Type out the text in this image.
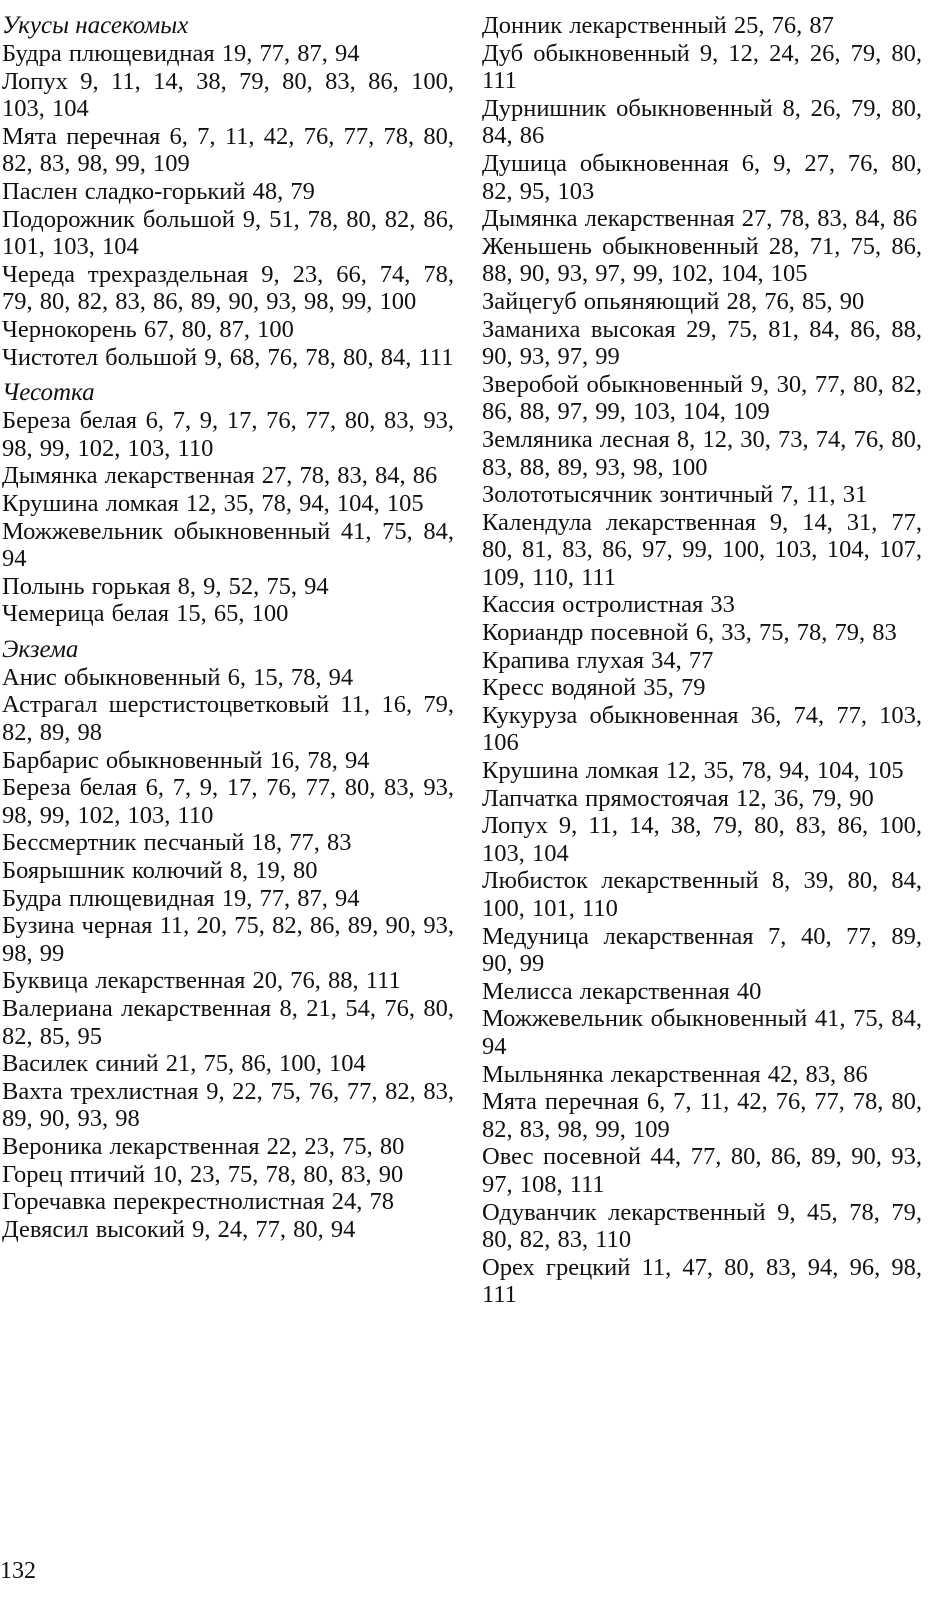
Укусы насекомых

Будра плющевидная 19, 77, 87, 94

Лопух 9, 11, 14, 38, 79, 80, 83, 86, 100, 103, 104

Мята перечная 6, 7, 11, 42, 76, 77, 78, 80, 82, 83, 98, 99, 109

Паслен сладко-горький 48, 79

Подорожник большой 9, 51, 78, 80, 82, 86, 101, 103, 104

Череда трехраздельная 9, 23, 66, 74, 78, 79, 80, 82, 83, 86, 89, 90, 93, 98, 99, 100

Чернокорень 67, 80, 87, 100

Чистотел большой 9, 68, 76, 78, 80, 84, 111

Чесотка

Береза белая 6, 7, 9, 17, 76, 77, 80, 83, 93, 98, 99, 102, 103, 110

Дымянка лекарственная 27, 78, 83, 84, 86

Крушина ломкая 12, 35, 78, 94, 104, 105

Можжевельник обыкновенный 41, 75, 84, 94

Полынь горькая 8, 9, 52, 75, 94

Чемерица белая 15, 65, 100

Экзема

Анис обыкновенный 6, 15, 78, 94

Астрагал шерстистоцветковый 11, 16, 79, 82, 89, 98

Барбарис обыкновенный 16, 78, 94

Береза белая 6, 7, 9, 17, 76, 77, 80, 83, 93, 98, 99, 102, 103, 110

Бессмертник песчаный 18, 77, 83

Боярышник колючий 8, 19, 80

Будра плющевидная 19, 77, 87, 94

Бузина черная 11, 20, 75, 82, 86, 89, 90, 93, 98, 99

Буквица лекарственная 20, 76, 88, 111

Валериана лекарственная 8, 21, 54, 76, 80, 82, 85, 95

Василек синий 21, 75, 86, 100, 104

Вахта трехлистная 9, 22, 75, 76, 77, 82, 83, 89, 90, 93, 98

Вероника лекарственная 22, 23, 75, 80

Горец птичий 10, 23, 75, 78, 80, 83, 90

Горечавка перекрестнолистная 24, 78

Девясил высокий 9, 24, 77, 80, 94

Донник лекарственный 25, 76, 87

Дуб обыкновенный 9, 12, 24, 26, 79, 80, 111

Дурнишник обыкновенный 8, 26, 79, 80, 84, 86

Душица обыкновенная 6, 9, 27, 76, 80, 82, 95, 103

Дымянка лекарственная 27, 78, 83, 84, 86

Женьшень обыкновенный 28, 71, 75, 86, 88, 90, 93, 97, 99, 102, 104, 105

Зайцегуб опьяняющий 28, 76, 85, 90

Заманиха высокая 29, 75, 81, 84, 86, 88, 90, 93, 97, 99

Зверобой обыкновенный 9, 30, 77, 80, 82, 86, 88, 97, 99, 103, 104, 109

Земляника лесная 8, 12, 30, 73, 74, 76, 80, 83, 88, 89, 93, 98, 100

Золототысячник зонтичный 7, 11, 31

Календула лекарственная 9, 14, 31, 77, 80, 81, 83, 86, 97, 99, 100, 103, 104, 107, 109, 110, 111

Кассия остролистная 33

Кориандр посевной 6, 33, 75, 78, 79, 83

Крапива глухая 34, 77

Кресс водяной 35, 79

Кукуруза обыкновенная 36, 74, 77, 103, 106

Крушина ломкая 12, 35, 78, 94, 104, 105

Лапчатка прямостоячая 12, 36, 79, 90

Лопух 9, 11, 14, 38, 79, 80, 83, 86, 100, 103, 104

Любисток лекарственный 8, 39, 80, 84, 100, 101, 110

Медуница лекарственная 7, 40, 77, 89, 90, 99

Мелисса лекарственная 40

Можжевельник обыкновенный 41, 75, 84, 94

Мыльнянка лекарственная 42, 83, 86

Мята перечная 6, 7, 11, 42, 76, 77, 78, 80, 82, 83, 98, 99, 109

Овес посевной 44, 77, 80, 86, 89, 90, 93, 97, 108, 111

Одуванчик лекарственный 9, 45, 78, 79, 80, 82, 83, 110

Орех грецкий 11, 47, 80, 83, 94, 96, 98, 111

132
